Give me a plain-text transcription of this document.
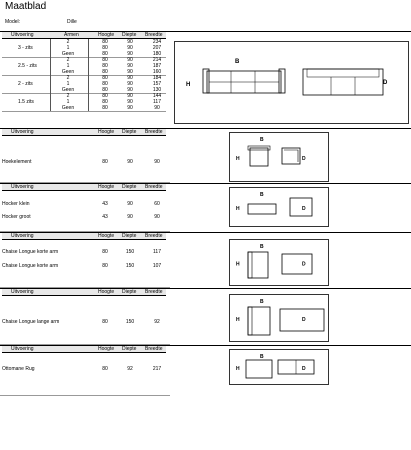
Maatblad
Model:	Dille
Uitvoering	Armen	Hoogte Diepte Breedte
3 - zits
2	80	90	234
1	80	90	207
Geen	80	90	180
2.5 - zits
2	80	90	214
1	80	90	187
Geen	80	90	160
2 - zits
2	80	90	184
1	80	90	157
Geen	80	90	130
1.5 zits
2	80	90	144
1	80	90	117
Geen	80	90	90
B
H	D
Uitvoering	Hoogte Diepte Breedte
Hoekelement	80	90	90	H
B
D
Uitvoering	Hoogte Diepte Breedte
Hocker klein	43	90	60
Hocker groot	43	90	90
H
B
D
Uitvoering	Hoogte Diepte Breedte
Chaise Longue korte arm	80	150	117
Chaise Longue korte arm	80	150	107	H
B
D
Uitvoering	Hoogte Diepte Breedte
Chaise Longue lange arm	80	150	92	H
B
D
Uitvoering	Hoogte Diepte Breedte
Ottomane Rug	80	92	217	H
B
D
